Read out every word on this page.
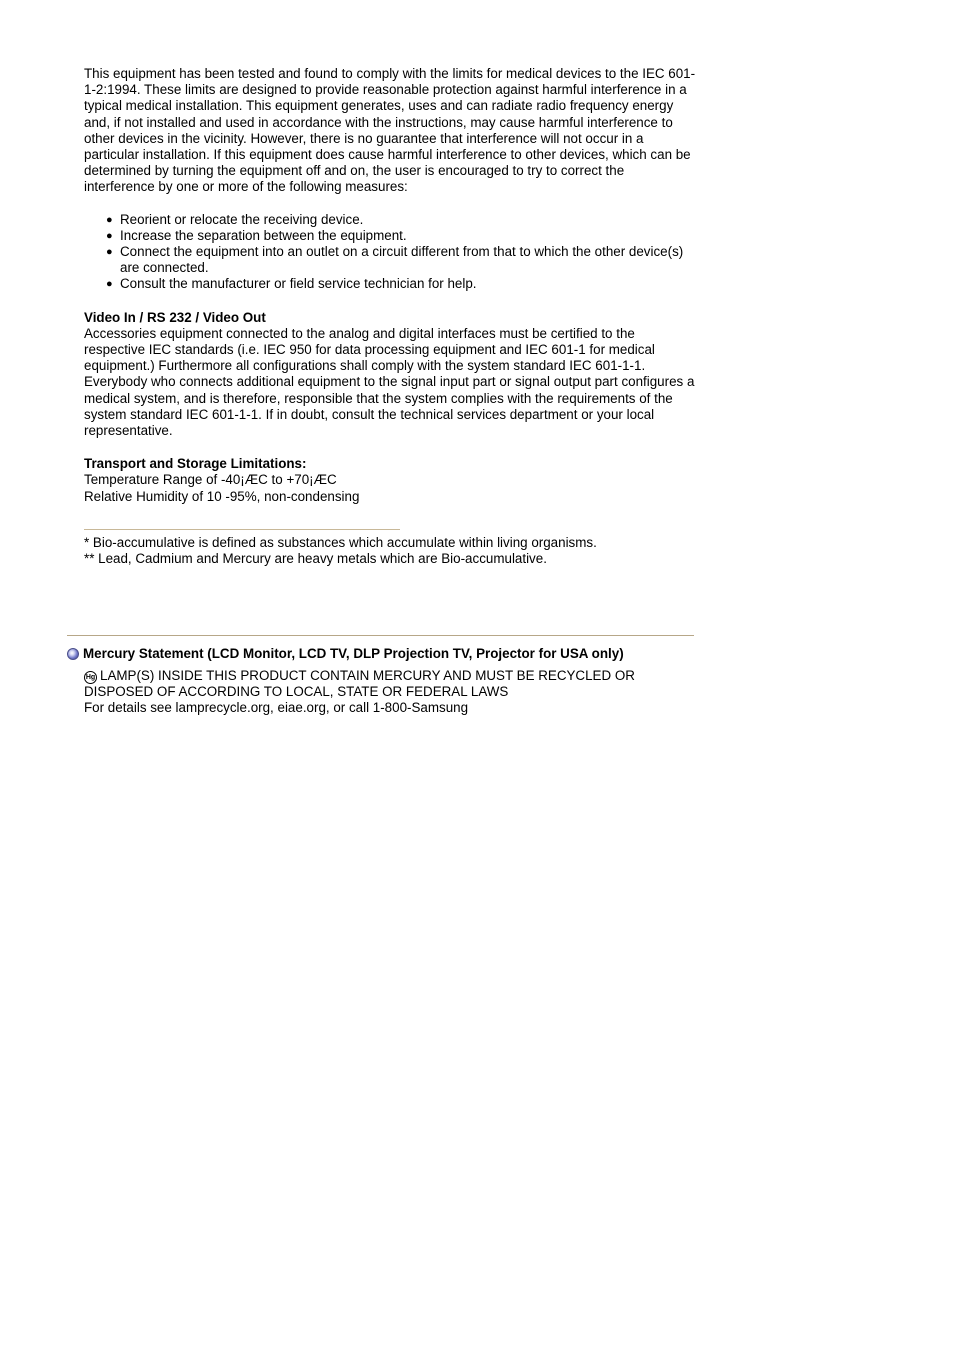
This equipment has been tested and found to comply with the limits for medical devices to the IEC 601-1-2:1994. These limits are designed to provide reasonable protection against harmful interference in a typical medical installation. This equipment generates, uses and can radiate radio frequency energy and, if not installed and used in accordance with the instructions, may cause harmful interference to other devices in the vicinity. However, there is no guarantee that interference will not occur in a particular installation. If this equipment does cause harmful interference to other devices, which can be determined by turning the equipment off and on, the user is encouraged to try to correct the interference by one or more of the following measures:

● Reorient or relocate the receiving device.
● Increase the separation between the equipment.
● Connect the equipment into an outlet on a circuit different from that to which the other device(s) are connected.
● Consult the manufacturer or field service technician for help.
Video In / RS 232 / Video Out

Accessories equipment connected to the analog and digital interfaces must be certified to the respective IEC standards (i.e. IEC 950 for data processing equipment and IEC 601-1 for medical equipment.) Furthermore all configurations shall comply with the system standard IEC 601-1-1. Everybody who connects additional equipment to the signal input part or signal output part configures a medical system, and is therefore, responsible that the system complies with the requirements of the system standard IEC 601-1-1. If in doubt, consult the technical services department or your local representative.

Transport and Storage Limitations:
Temperature Range of -40¡ÆC to +70¡ÆC
Relative Humidity of 10 -95%, non-condensing
* Bio-accumulative is defined as substances which accumulate within living organisms.
** Lead, Cadmium and Mercury are heavy metals which are Bio-accumulative.
Mercury Statement (LCD Monitor, LCD TV, DLP Projection TV, Projector for USA only)
Hg LAMP(S) INSIDE THIS PRODUCT CONTAIN MERCURY AND MUST BE RECYCLED OR DISPOSED OF ACCORDING TO LOCAL, STATE OR FEDERAL LAWS
For details see lamprecycle.org, eiae.org, or call 1-800-Samsung
